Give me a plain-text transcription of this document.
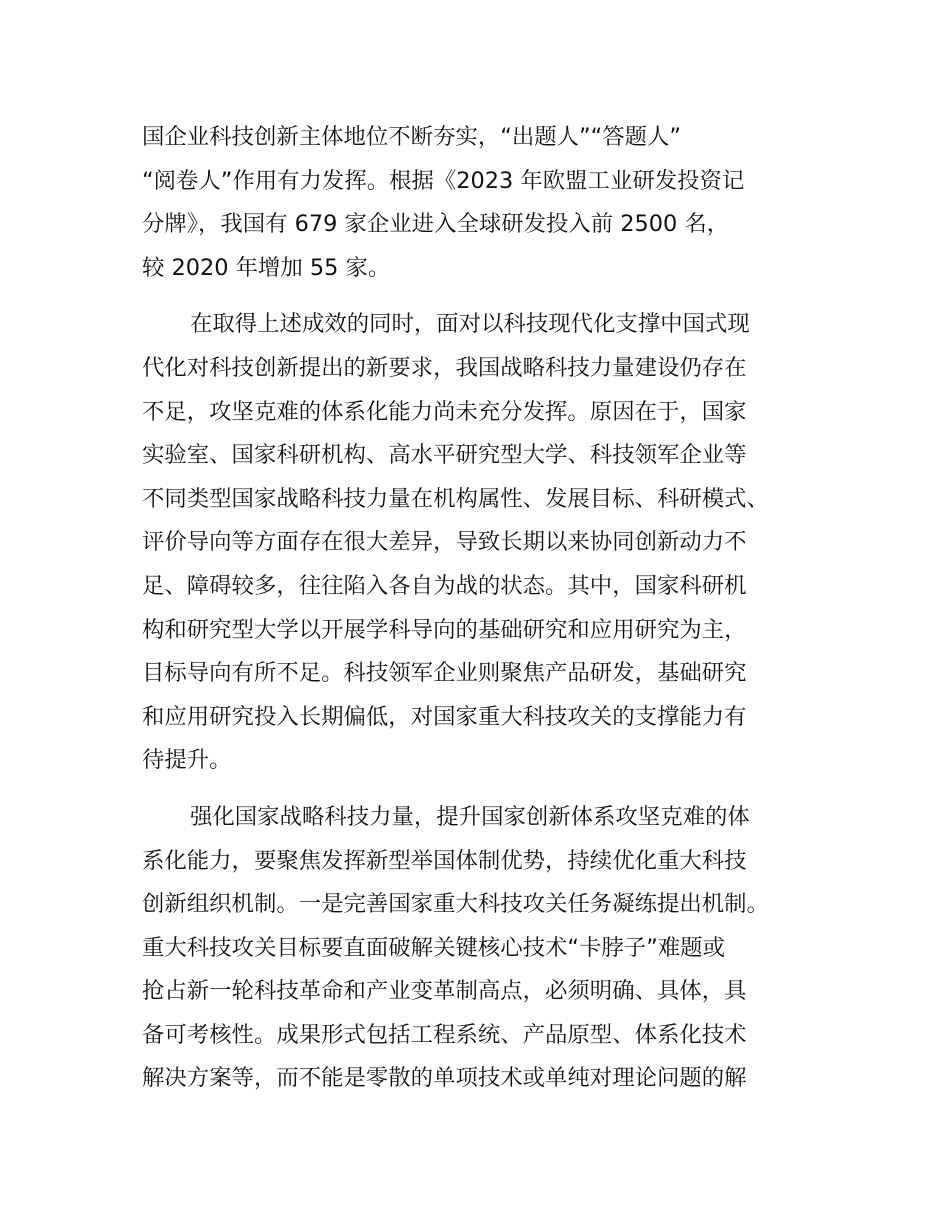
国企业科技创新主体地位不断夯实，“出题人”“答题人”
“阅卷人”作用有力发挥。根据《2023 年欧盟工业研发投资记
分牌》，我国有 679 家企业进入全球研发投入前 2500 名，
较 2020 年增加 55 家。

在取得上述成效的同时，面对以科技现代化支撑中国式现
代化对科技创新提出的新要求，我国战略科技力量建设仍存在
不足，攻坚克难的体系化能力尚未充分发挥。原因在于，国家
实验室、国家科研机构、高水平研究型大学、科技领军企业等
不同类型国家战略科技力量在机构属性、发展目标、科研模式、
评价导向等方面存在很大差异，导致长期以来协同创新动力不
足、障碍较多，往往陷入各自为战的状态。其中，国家科研机
构和研究型大学以开展学科导向的基础研究和应用研究为主，
目标导向有所不足。科技领军企业则聚焦产品研发，基础研究
和应用研究投入长期偏低，对国家重大科技攻关的支撑能力有
待提升。

强化国家战略科技力量，提升国家创新体系攻坚克难的体
系化能力，要聚焦发挥新型举国体制优势，持续优化重大科技
创新组织机制。一是完善国家重大科技攻关任务凝练提出机制。
重大科技攻关目标要直面破解关键核心技术“卡脖子”难题或
抢占新一轮科技革命和产业变革制高点，必须明确、具体，具
备可考核性。成果形式包括工程系统、产品原型、体系化技术
解决方案等，而不能是零散的单项技术或单纯对理论问题的解
